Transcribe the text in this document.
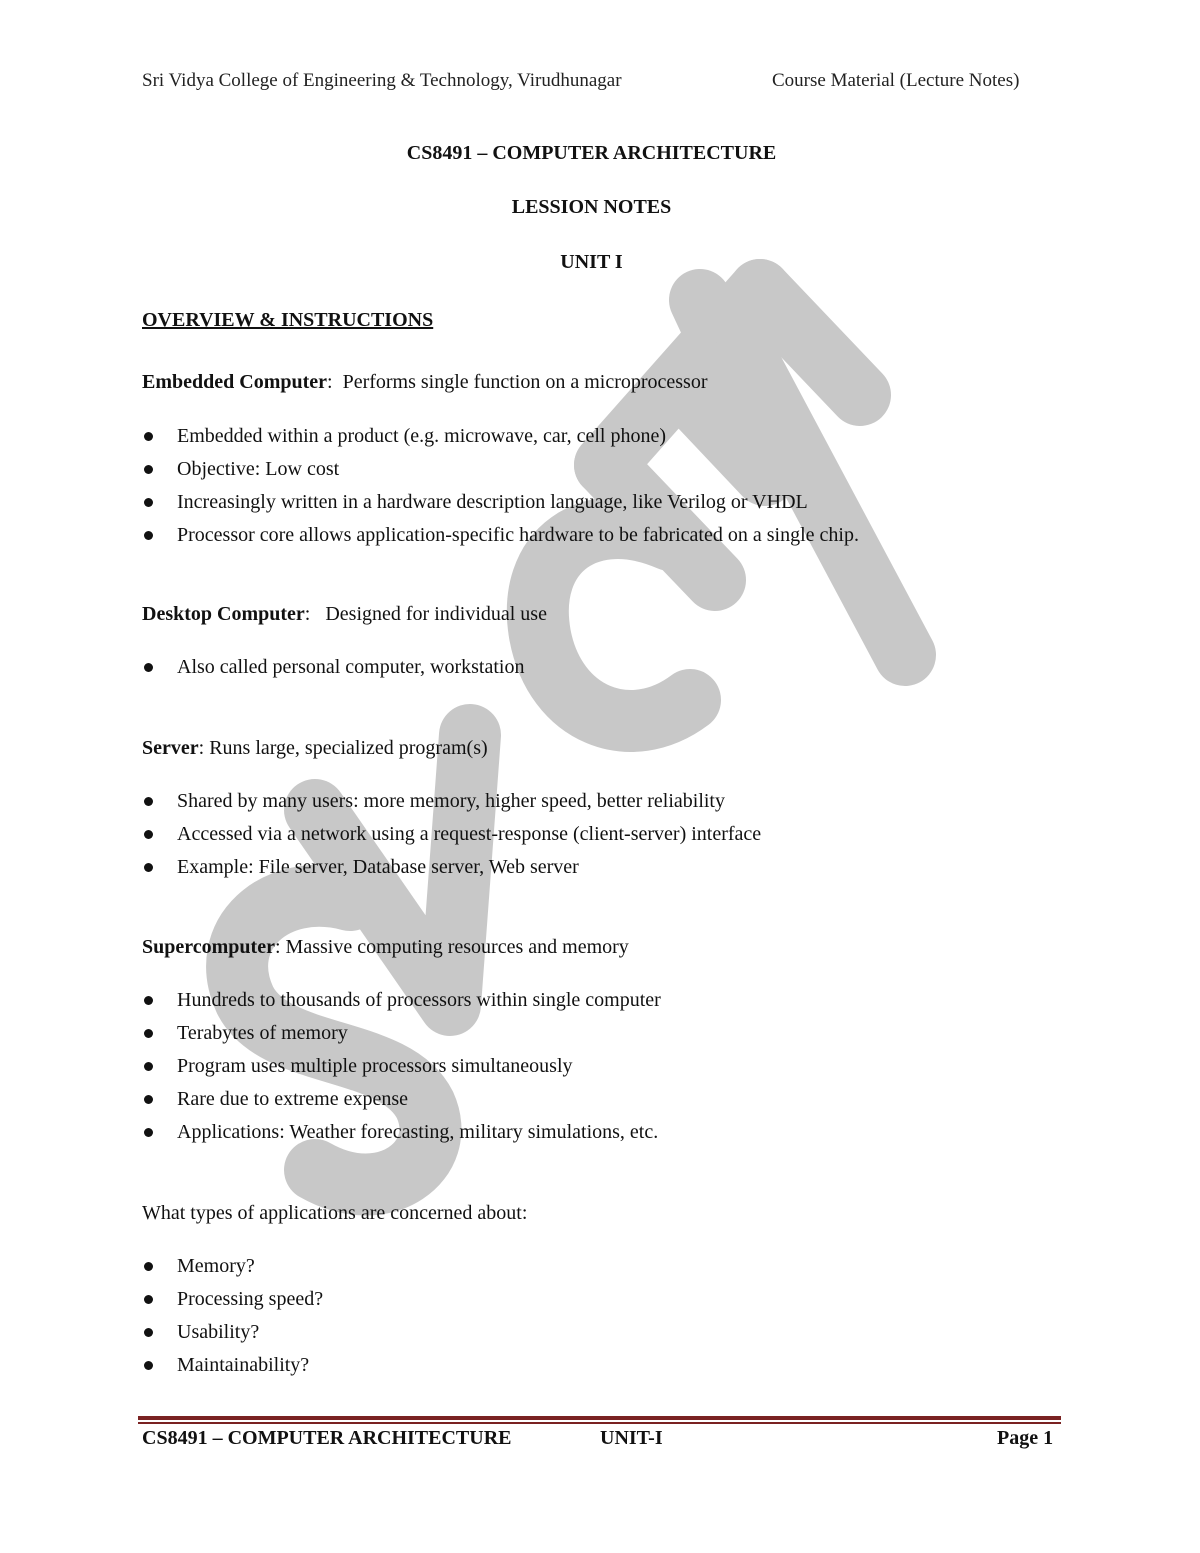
Sri Vidya College of Engineering & Technology, Virudhunagar	Course Material (Lecture Notes)
CS8491 – COMPUTER ARCHITECTURE
LESSION NOTES
UNIT I
OVERVIEW & INSTRUCTIONS
Embedded Computer:  Performs single function on a microprocessor
Embedded within a product (e.g. microwave, car, cell phone)
Objective: Low cost
Increasingly written in a hardware description language, like Verilog or VHDL
Processor core allows application-specific hardware to be fabricated on a single chip.
Desktop Computer:   Designed for individual use
Also called personal computer, workstation
Server: Runs large, specialized program(s)
Shared by many users: more memory, higher speed, better reliability
Accessed via a network using a request-response (client-server) interface
Example: File server, Database server, Web server
Supercomputer: Massive computing resources and memory
Hundreds to thousands of processors within single computer
Terabytes of memory
Program uses multiple processors simultaneously
Rare due to extreme expense
Applications: Weather forecasting, military simulations, etc.
What types of applications are concerned about:
Memory?
Processing speed?
Usability?
Maintainability?
CS8491 – COMPUTER ARCHITECTURE	UNIT-I	Page 1
